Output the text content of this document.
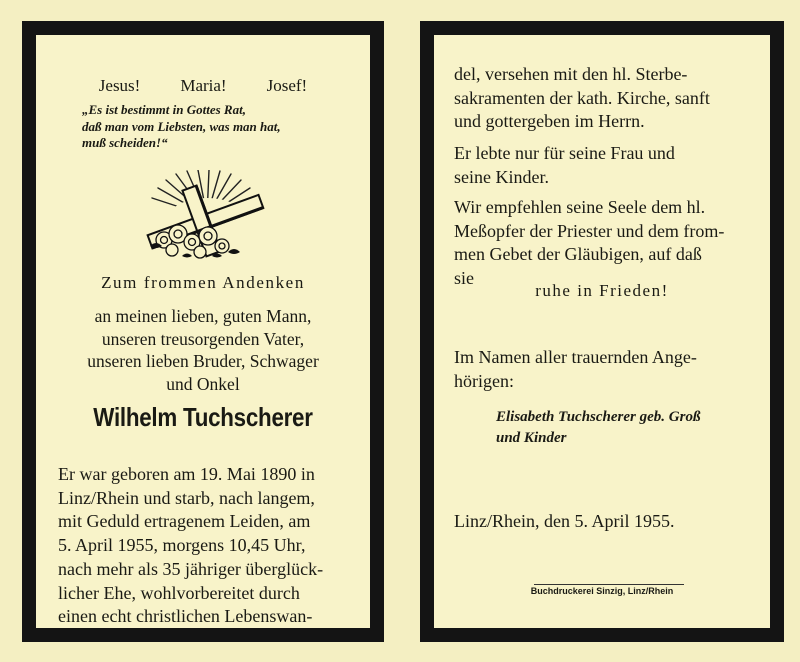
Jesus! Maria! Josef!
„Es ist bestimmt in Gottes Rat,
daß man vom Liebsten, was man hat,
muß scheiden!“
Zum frommen Andenken
an meinen lieben, guten Mann,
unseren treusorgenden Vater,
unseren lieben Bruder, Schwager
und Onkel
Wilhelm Tuchscherer
Er war geboren am 19. Mai 1890 in
Linz/Rhein und starb, nach langem,
mit Geduld ertragenem Leiden, am
5. April 1955, morgens 10,45 Uhr,
nach mehr als 35 jähriger überglück-
licher Ehe, wohlvorbereitet durch
einen echt christlichen Lebenswan-
del, versehen mit den hl. Sterbe-
sakramenten der kath. Kirche, sanft
und gottergeben im Herrn.
Er lebte nur für seine Frau und
seine Kinder.
Wir empfehlen seine Seele dem hl.
Meßopfer der Priester und dem from-
men Gebet der Gläubigen, auf daß
sie
ruhe in Frieden!
Im Namen aller trauernden Ange-
hörigen:
Elisabeth Tuchscherer geb. Groß
und Kinder
Linz/Rhein, den 5. April 1955.
Buchdruckerei Sinzig, Linz/Rhein
